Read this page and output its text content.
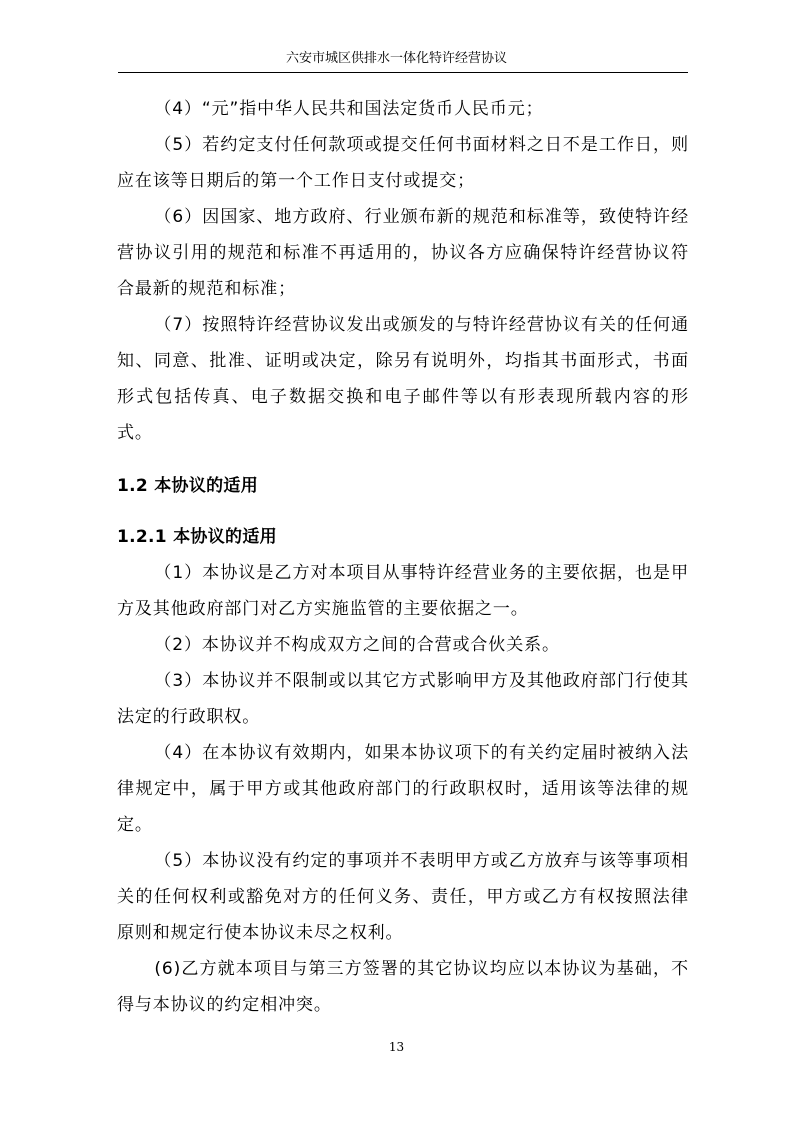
六安市城区供排水一体化特许经营协议

（4）“元”指中华人民共和国法定货币人民币元；

（5）若约定支付任何款项或提交任何书面材料之日不是工作日，则应在该等日期后的第一个工作日支付或提交；

（6）因国家、地方政府、行业颁布新的规范和标准等，致使特许经营协议引用的规范和标准不再适用的，协议各方应确保特许经营协议符合最新的规范和标准；

（7）按照特许经营协议发出或颁发的与特许经营协议有关的任何通知、同意、批准、证明或决定，除另有说明外，均指其书面形式，书面形式包括传真、电子数据交换和电子邮件等以有形表现所载内容的形式。

1.2 本协议的适用

1.2.1 本协议的适用

（1）本协议是乙方对本项目从事特许经营业务的主要依据，也是甲方及其他政府部门对乙方实施监管的主要依据之一。

（2）本协议并不构成双方之间的合营或合伙关系。

（3）本协议并不限制或以其它方式影响甲方及其他政府部门行使其法定的行政职权。

（4）在本协议有效期内，如果本协议项下的有关约定届时被纳入法律规定中，属于甲方或其他政府部门的行政职权时，适用该等法律的规定。

（5）本协议没有约定的事项并不表明甲方或乙方放弃与该等事项相关的任何权利或豁免对方的任何义务、责任，甲方或乙方有权按照法律原则和规定行使本协议未尽之权利。

(6)乙方就本项目与第三方签署的其它协议均应以本协议为基础，不得与本协议的约定相冲突。

13
